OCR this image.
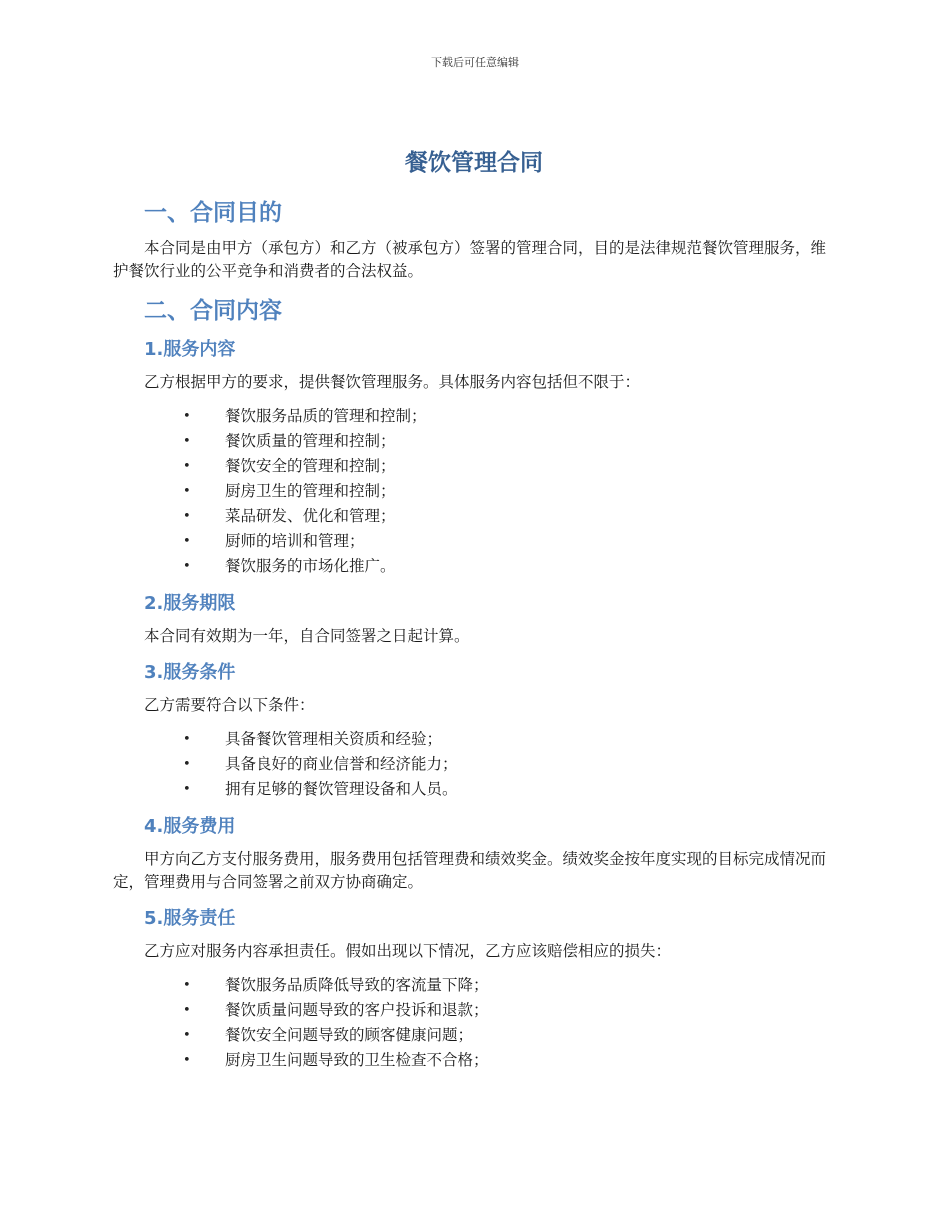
下载后可任意编辑
餐饮管理合同
一、合同目的

本合同是由甲方（承包方）和乙方（被承包方）签署的管理合同，目的是法律规范餐饮管理服务，维护餐饮行业的公平竞争和消费者的合法权益。

二、合同内容
1.服务内容

乙方根据甲方的要求，提供餐饮管理服务。具体服务内容包括但不限于：

• 餐饮服务品质的管理和控制；
• 餐饮质量的管理和控制；
• 餐饮安全的管理和控制；
• 厨房卫生的管理和控制；
• 菜品研发、优化和管理；
• 厨师的培训和管理；
• 餐饮服务的市场化推广。
2.服务期限

本合同有效期为一年，自合同签署之日起计算。

3.服务条件

乙方需要符合以下条件：

• 具备餐饮管理相关资质和经验；
• 具备良好的商业信誉和经济能力；
• 拥有足够的餐饮管理设备和人员。
4.服务费用

甲方向乙方支付服务费用，服务费用包括管理费和绩效奖金。绩效奖金按年度实现的目标完成情况而定，管理费用与合同签署之前双方协商确定。

5.服务责任

乙方应对服务内容承担责任。假如出现以下情况，乙方应该赔偿相应的损失：

• 餐饮服务品质降低导致的客流量下降；
• 餐饮质量问题导致的客户投诉和退款；
• 餐饮安全问题导致的顾客健康问题；
• 厨房卫生问题导致的卫生检查不合格；
